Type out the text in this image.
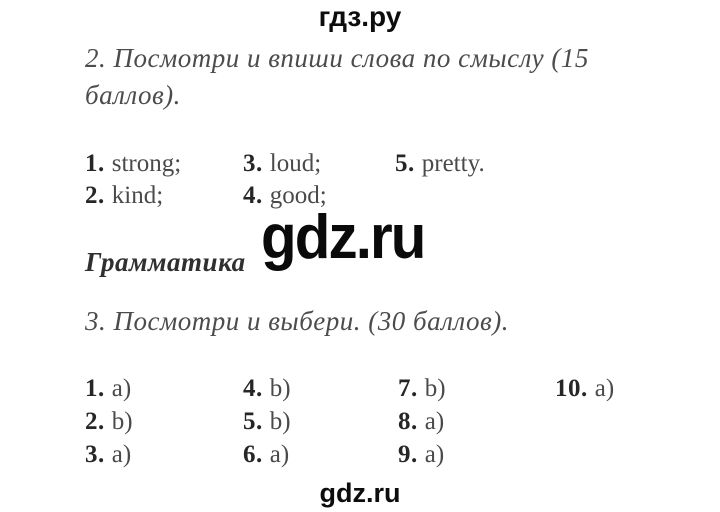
гдз.ру
2. Посмотри и впиши слова по смыслу (15
баллов).
1. strong;
2. kind;
3. loud;
4. good;
5. pretty.
Грамматика gdz.ru
3. Посмотри и выбери. (30 баллов).
1. a)
2. b)
3. a)
4. b)
5. b)
6. a)
7. b)
8. a)
9. a)
10. a)
gdz.ru
